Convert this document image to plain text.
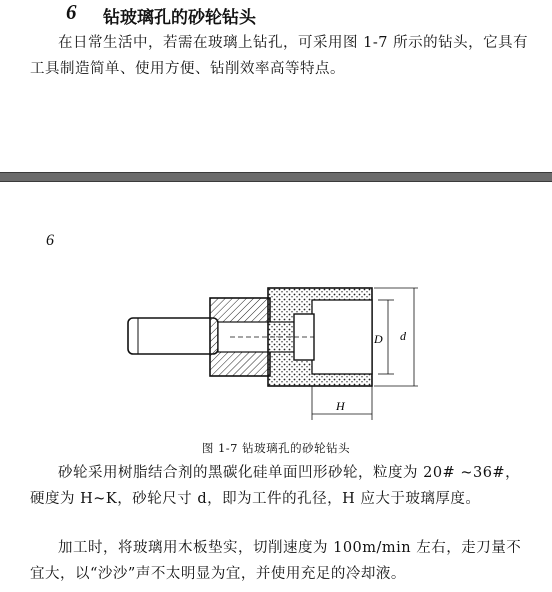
6 钻玻璃孔的砂轮钻头
在日常生活中，若需在玻璃上钻孔，可采用图 1-7 所示的钻头，它具有工具制造简单、使用方便、钻削效率高等特点。
6
D d
H
图 1-7 钻玻璃孔的砂轮钻头
砂轮采用树脂结合剂的黑碳化硅单面凹形砂轮，粒度为 20# ~36#，硬度为 H~K，砂轮尺寸 d，即为工件的孔径，H 应大于玻璃厚度。
加工时，将玻璃用木板垫实，切削速度为 100m/min 左右，走刀量不宜大，以“沙沙”声不太明显为宜，并使用充足的冷却液。
